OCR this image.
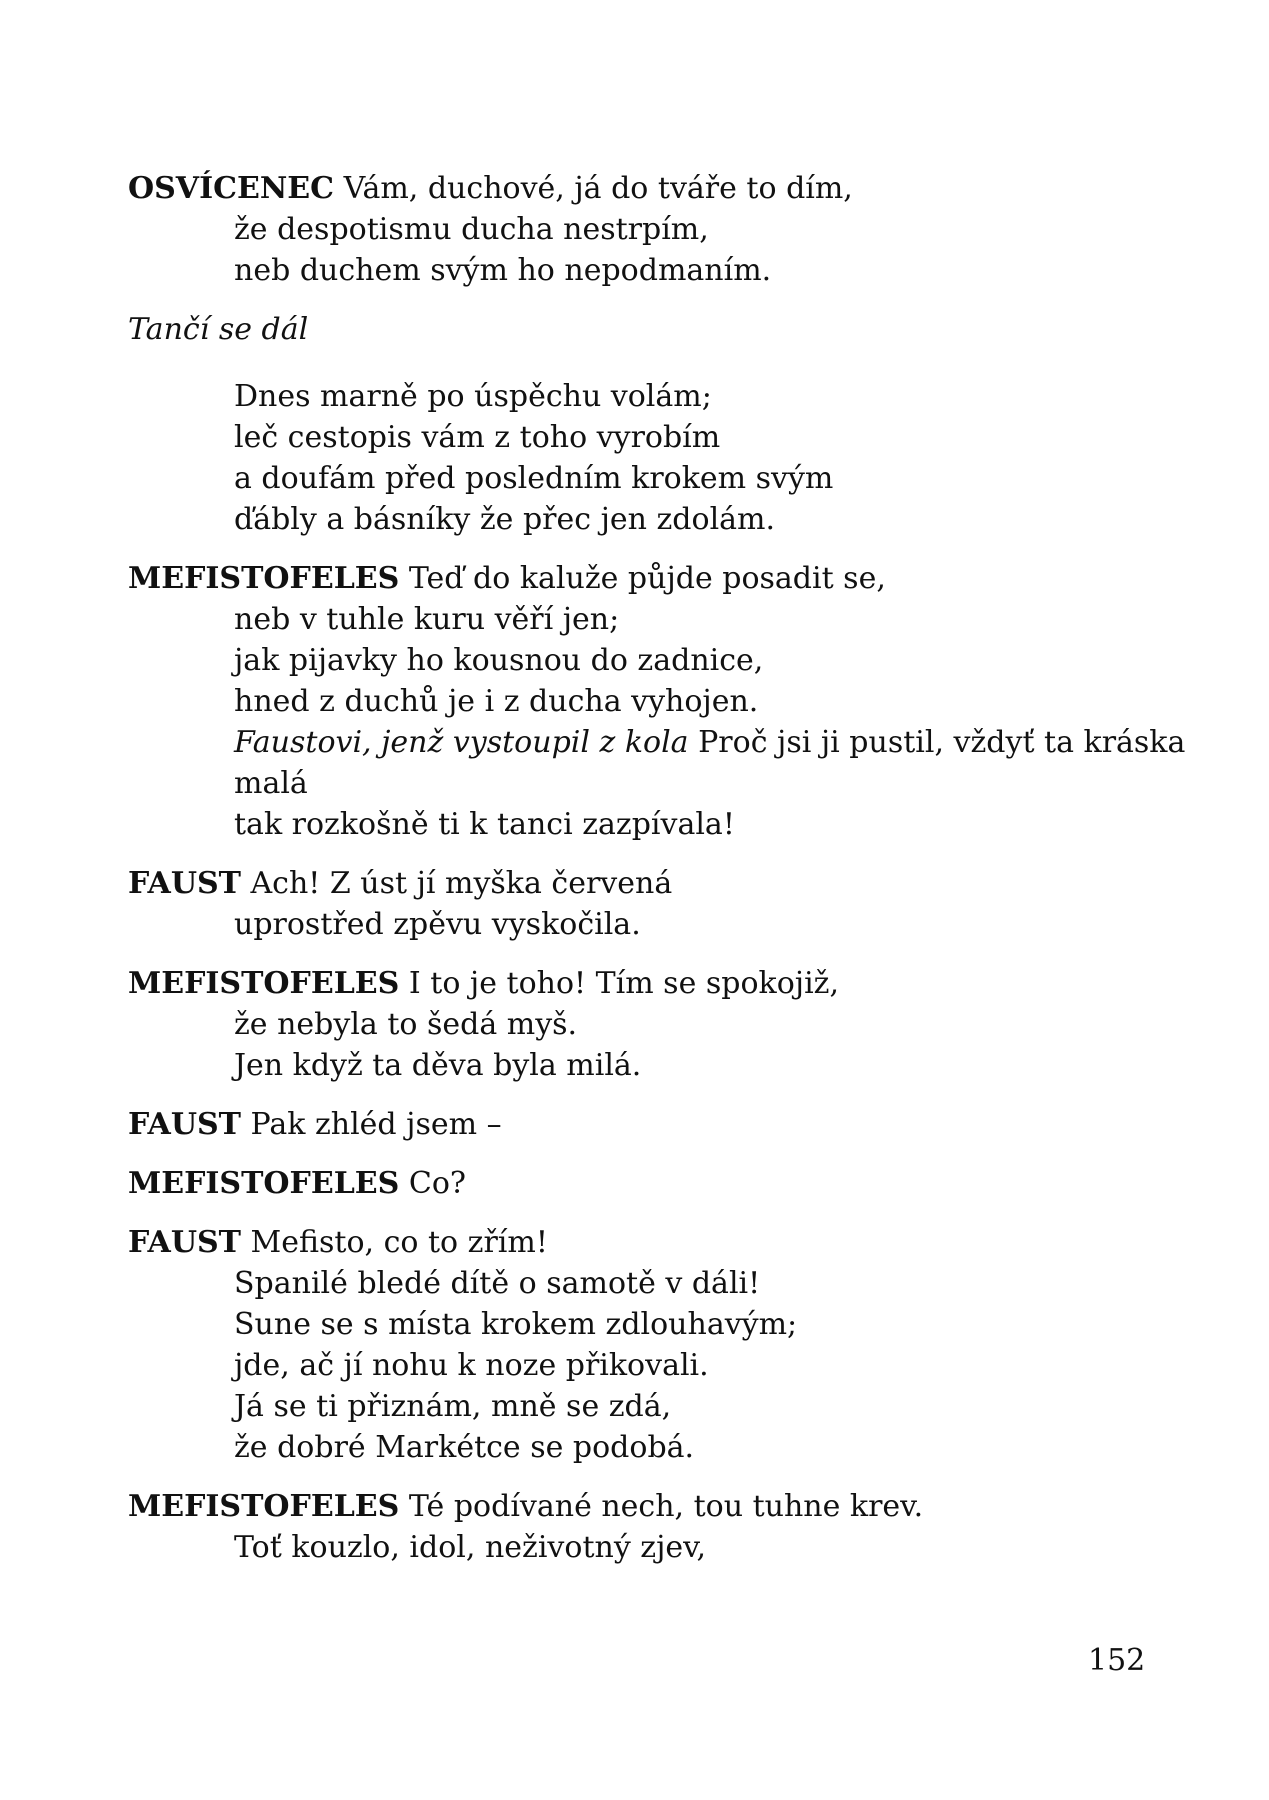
OSVÍCENEC Vám, duchové, já do tváře to dím,
že despotismu ducha nestrpím,
neb duchem svým ho nepodmaním.
Tančí se dál
Dnes marně po úspěchu volám;
leč cestopis vám z toho vyrobím
a doufám před posledním krokem svým
ďábly a básníky že přec jen zdolám.
MEFISTOFELES Teď do kaluže půjde posadit se,
neb v tuhle kuru věří jen;
jak pijavky ho kousnou do zadnice,
hned z duchů je i z ducha vyhojen.
Faustovi, jenž vystoupil z kola Proč jsi ji pustil, vždyť ta kráska
malá
tak rozkošně ti k tanci zazpívala!
FAUST Ach! Z úst jí myška červená
uprostřed zpěvu vyskočila.
MEFISTOFELES I to je toho! Tím se spokojiž,
že nebyla to šedá myš.
Jen když ta děva byla milá.
FAUST Pak zhléd jsem –
MEFISTOFELES Co?
FAUST Mefisto, co to zřím!
Spanilé bledé dítě o samotě v dáli!
Sune se s místa krokem zdlouhavým;
jde, ač jí nohu k noze přikovali.
Já se ti přiznám, mně se zdá,
že dobré Markétce se podobá.
MEFISTOFELES Té podívané nech, tou tuhne krev.
Toť kouzlo, idol, neživotný zjev,
152
